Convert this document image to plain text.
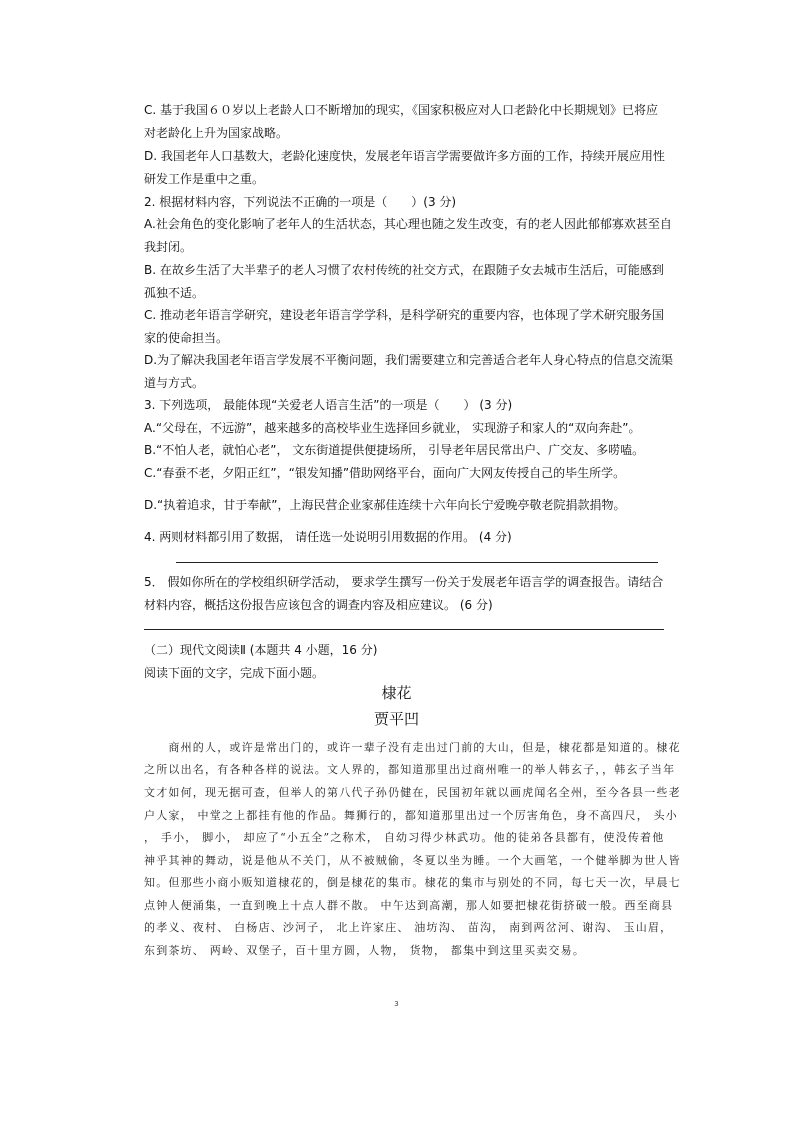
C. 基于我国６０岁以上老龄人口不断增加的现实，《国家积极应对人口老龄化中长期规划》已将应
对老龄化上升为国家战略。
D. 我国老年人口基数大，老龄化速度快，发展老年语言学需要做许多方面的工作，持续开展应用性
研发工作是重中之重。
2. 根据材料内容，下列说法不正确的一项是（　　）(3 分)
A.社会角色的变化影响了老年人的生活状态，其心理也随之发生改变，有的老人因此郁郁寡欢甚至自
我封闭。
B. 在故乡生活了大半辈子的老人习惯了农村传统的社交方式，在跟随子女去城市生活后，可能感到
孤独不适。
C. 推动老年语言学研究，建设老年语言学学科，是科学研究的重要内容，也体现了学术研究服务国
家的使命担当。
D.为了解决我国老年语言学发展不平衡问题，我们需要建立和完善适合老年人身心特点的信息交流渠
道与方式。
3. 下列选项， 最能体现“关爱老人语言生活”的一项是（　　） (3 分)
A.“父母在，不远游”，越来越多的高校毕业生选择回乡就业， 实现游子和家人的“双向奔赴”。
B.“不怕人老，就怕心老”， 文东街道提供便捷场所， 引导老年居民常出户、广交友、多唠嗑。
C.“春蚕不老，夕阳正红”，“银发知播”借助网络平台，面向广大网友传授自己的毕生所学。
D.“执着追求，甘于奉献”，上海民营企业家郝佳连续十六年向长宁爱晚亭敬老院捐款捐物。
4. 两则材料都引用了数据， 请任选一处说明引用数据的作用。 (4 分)
5． 假如你所在的学校组织研学活动， 要求学生撰写一份关于发展老年语言学的调查报告。请结合
材料内容，概括这份报告应该包含的调查内容及相应建议。 (6 分)
（二）现代文阅读Ⅱ (本题共 4 小题，16 分)
阅读下面的文字，完成下面小题。
棣花
贾平凹
　　商州的人，或许是常出门的，或许一辈子没有走出过门前的大山，但是，棣花都是知道的。棣花
之所以出名，有各种各样的说法。文人界的，都知道那里出过商州唯一的举人韩玄子，，韩玄子当年
文才如何，现无据可查，但举人的第八代子孙仍健在，民国初年就以画虎闻名全州，至今各县一些老
户人家， 中堂之上都挂有他的作品。舞狮行的，都知道那里出过一个厉害角色，身不高四尺， 头小
， 手小， 脚小， 却应了“小五全”之称术， 自幼习得少林武功。他的徒弟各县都有，使没传着他
神乎其神的舞动，说是他从不关门，从不被贼偷，冬夏以坐为睡。一个大画笔，一个健举脚为世人皆
知。但那些小商小贩知道棣花的，倒是棣花的集市。棣花的集市与别处的不同，每七天一次，早晨七
点钟人便涌集，一直到晚上十点人群不散。 中午达到高潮，那人如要把棣花街挤破一般。西至商县
的孝义、夜村、 白杨店、沙河子， 北上许家庄、 油坊沟、 苗沟， 南到两岔河、谢沟、 玉山眉，
东到茶坊、 两岭、双堡子，百十里方圆，人物， 货物， 都集中到这里买卖交易。
3
